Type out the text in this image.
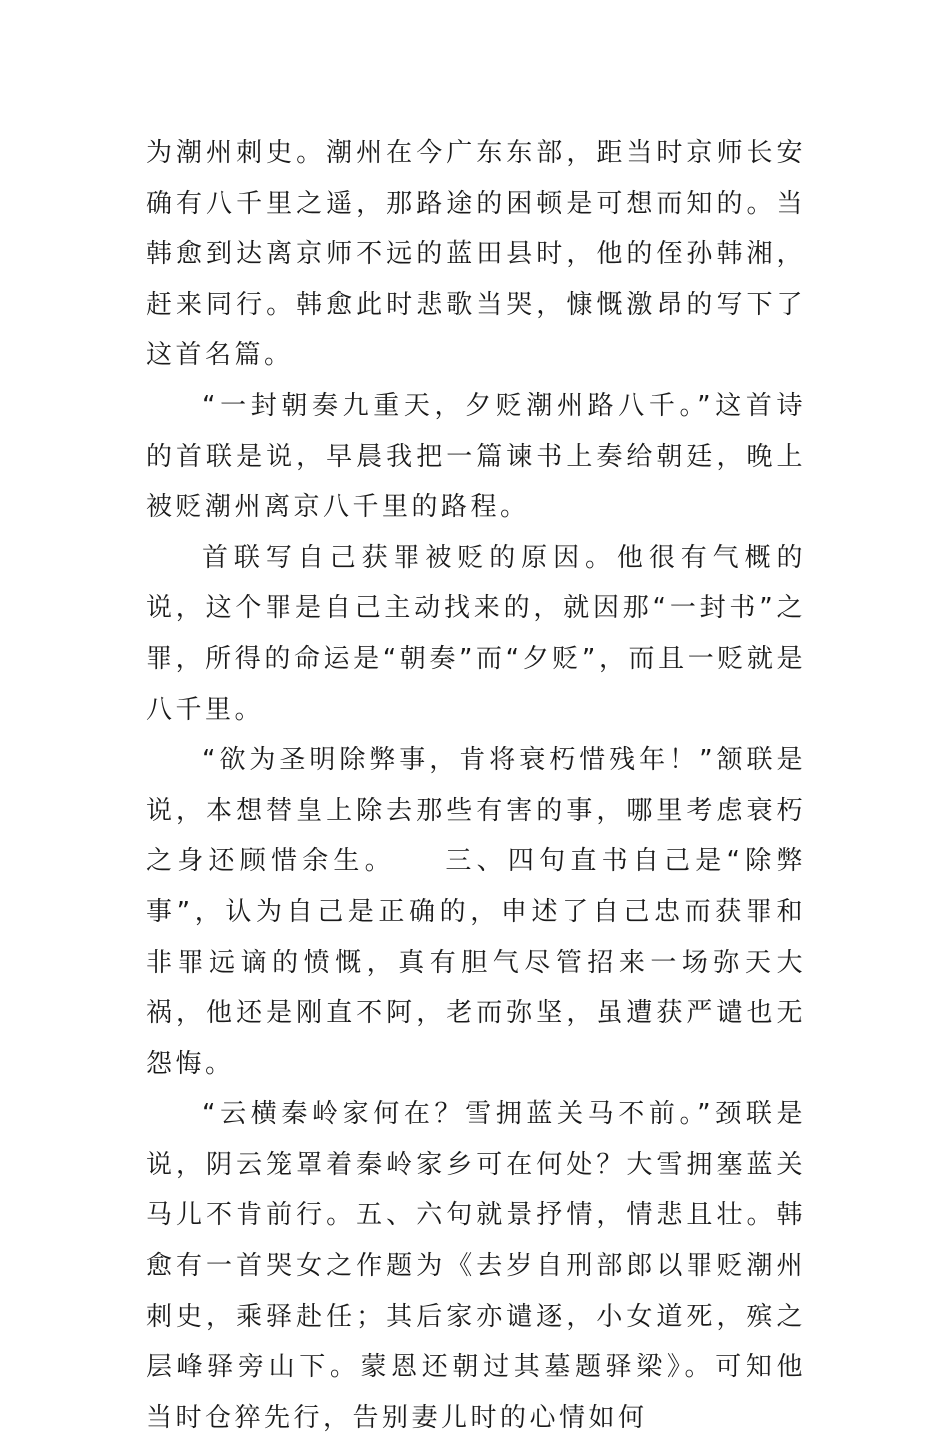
为潮州刺史。潮州在今广东东部，距当时京师长安确有八千里之遥，那路途的困顿是可想而知的。当韩愈到达离京师不远的蓝田县时，他的侄孙韩湘，赶来同行。韩愈此时悲歌当哭，慷慨激昂的写下了这首名篇。

“一封朝奏九重天，夕贬潮州路八千。”这首诗的首联是说，早晨我把一篇谏书上奏给朝廷，晚上被贬潮州离京八千里的路程。

首联写自己获罪被贬的原因。他很有气概的说，这个罪是自己主动找来的，就因那“一封书”之罪，所得的命运是“朝奏”而“夕贬”，而且一贬就是八千里。

“欲为圣明除弊事，肯将衰朽惜残年！”颔联是说，本想替皇上除去那些有害的事，哪里考虑衰朽之身还顾惜余生。　　三、四句直书自己是“除弊事”，认为自己是正确的，申述了自己忠而获罪和非罪远谪的愤慨，真有胆气尽管招来一场弥天大祸，他还是刚直不阿，老而弥坚，虽遭获严谴也无怨悔。

“云横秦岭家何在？雪拥蓝关马不前。”颈联是说，阴云笼罩着秦岭家乡可在何处？大雪拥塞蓝关马儿不肯前行。五、六句就景抒情，情悲且壮。韩愈有一首哭女之作题为《去岁自刑部郎以罪贬潮州刺史，乘驿赴任；其后家亦谴逐，小女道死，殡之层峰驿旁山下。蒙恩还朝过其墓题驿梁》。可知他当时仓猝先行，告别妻儿时的心情如何
